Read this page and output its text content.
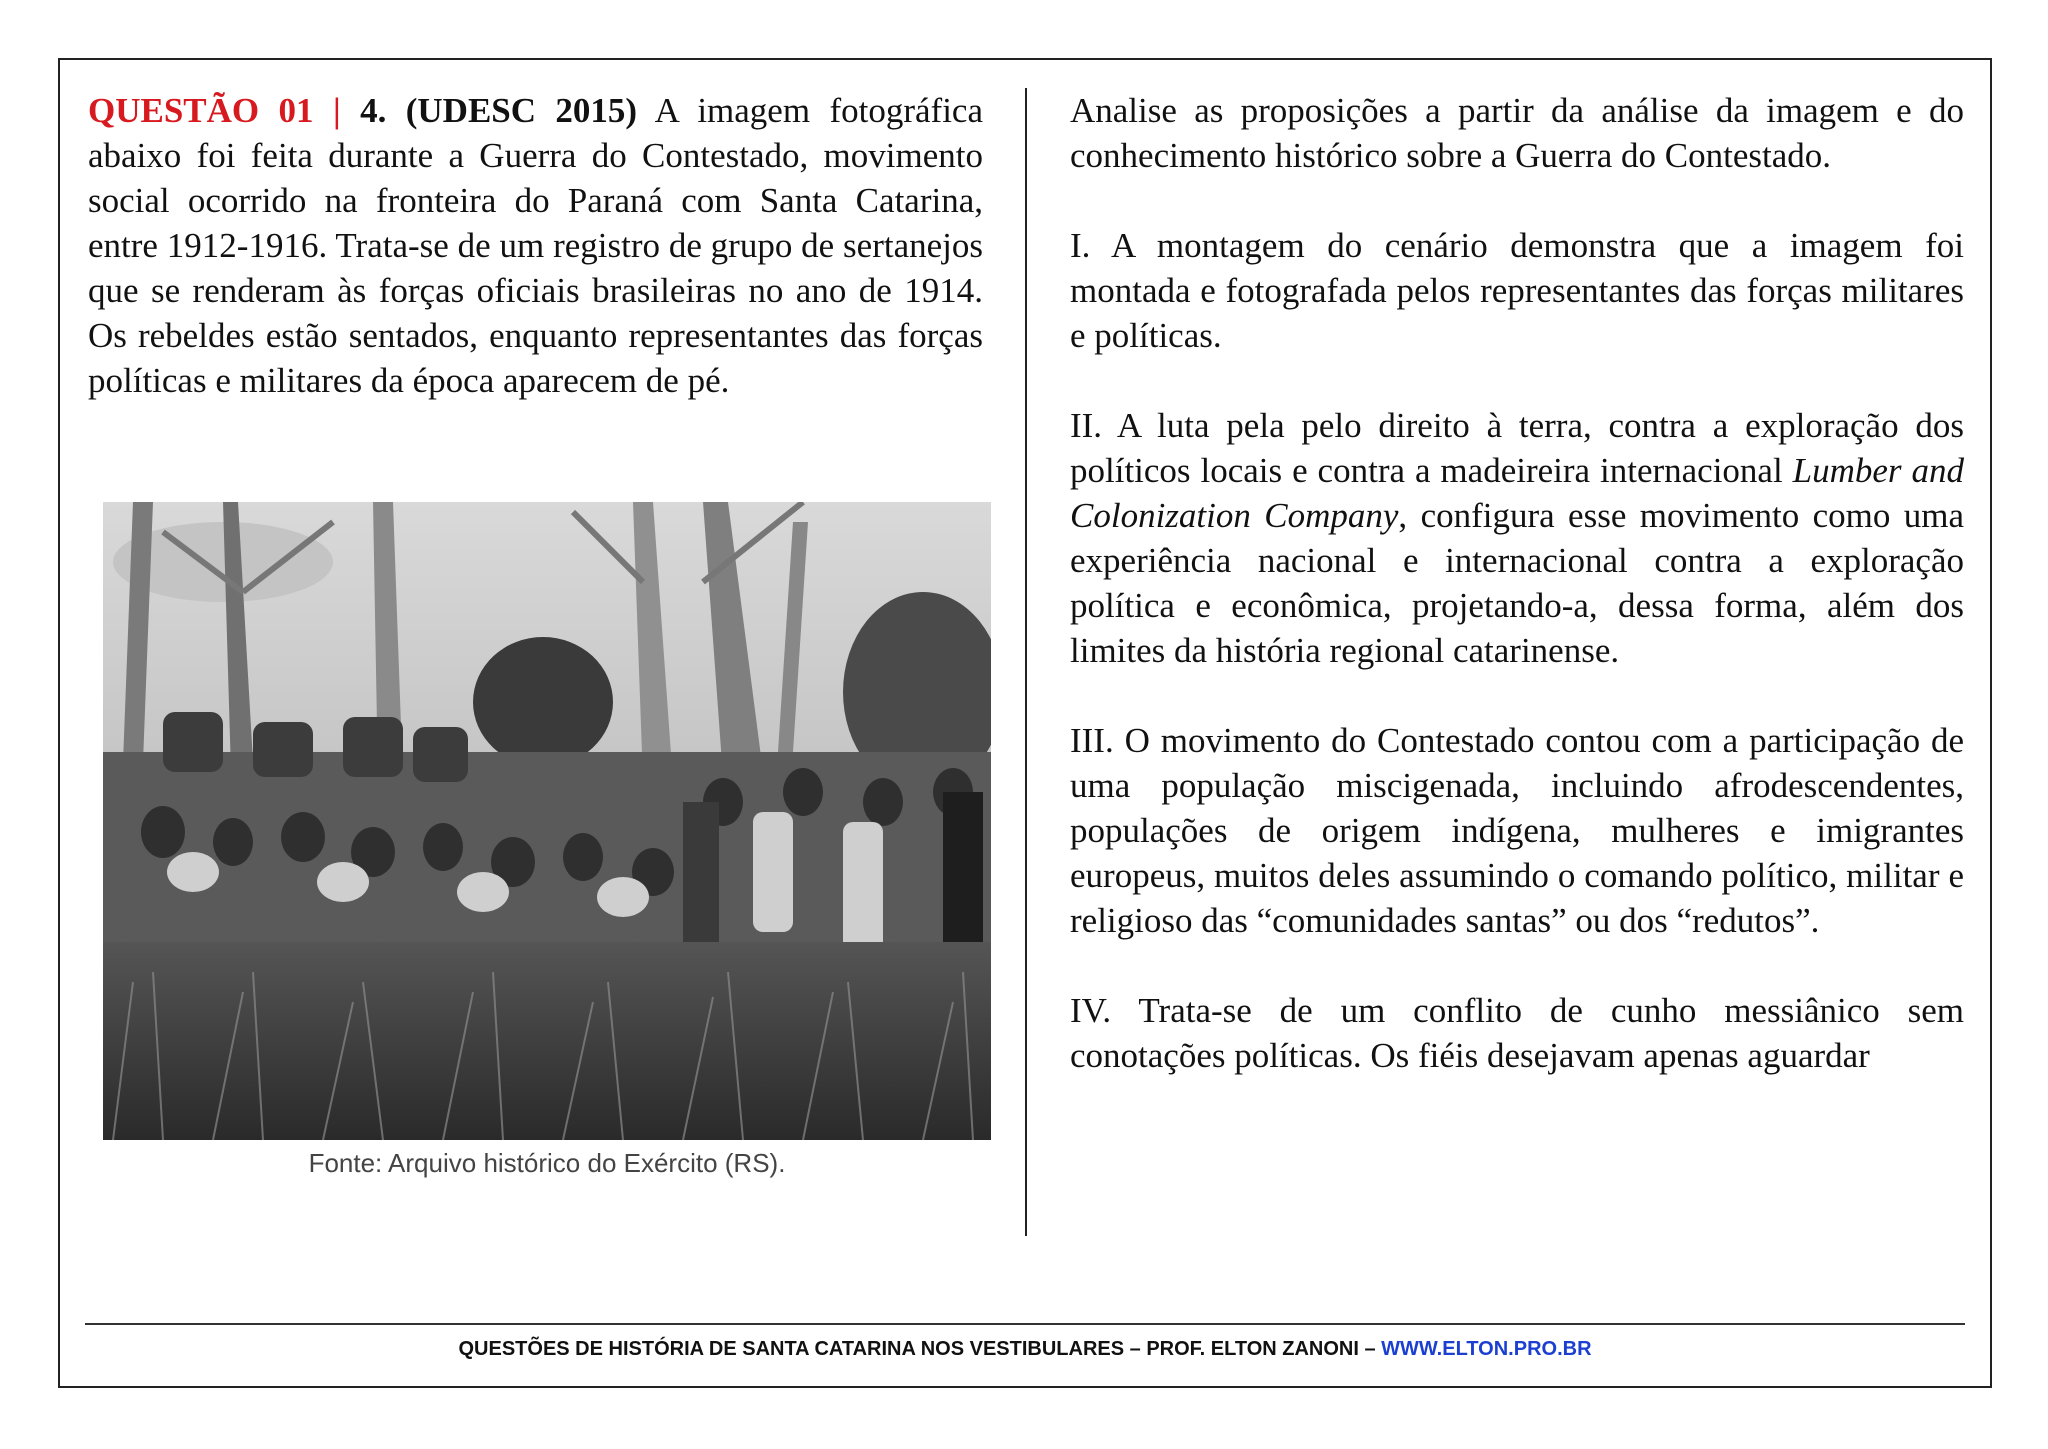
QUESTÃO 01 | 4. (UDESC 2015) A imagem fotográfica abaixo foi feita durante a Guerra do Contestado, movimento social ocorrido na fronteira do Paraná com Santa Catarina, entre 1912-1916. Trata-se de um registro de grupo de sertanejos que se renderam às forças oficiais brasileiras no ano de 1914. Os rebeldes estão sentados, enquanto representantes das forças políticas e militares da época aparecem de pé.

Fonte: Arquivo histórico do Exército (RS).

Analise as proposições a partir da análise da imagem e do conhecimento histórico sobre a Guerra do Contestado.

I. A montagem do cenário demonstra que a imagem foi montada e fotografada pelos representantes das forças militares e políticas.

II. A luta pela pelo direito à terra, contra a exploração dos políticos locais e contra a madeireira internacional Lumber and Colonization Company, configura esse movimento como uma experiência nacional e internacional contra a exploração política e econômica, projetando-a, dessa forma, além dos limites da história regional catarinense.

III. O movimento do Contestado contou com a participação de uma população miscigenada, incluindo afrodescendentes, populações de origem indígena, mulheres e imigrantes europeus, muitos deles assumindo o comando político, militar e religioso das “comunidades santas” ou dos “redutos”.

IV. Trata-se de um conflito de cunho messiânico sem conotações políticas. Os fiéis desejavam apenas aguardar

QUESTÕES DE HISTÓRIA DE SANTA CATARINA NOS VESTIBULARES – PROF. ELTON ZANONI – WWW.ELTON.PRO.BR
